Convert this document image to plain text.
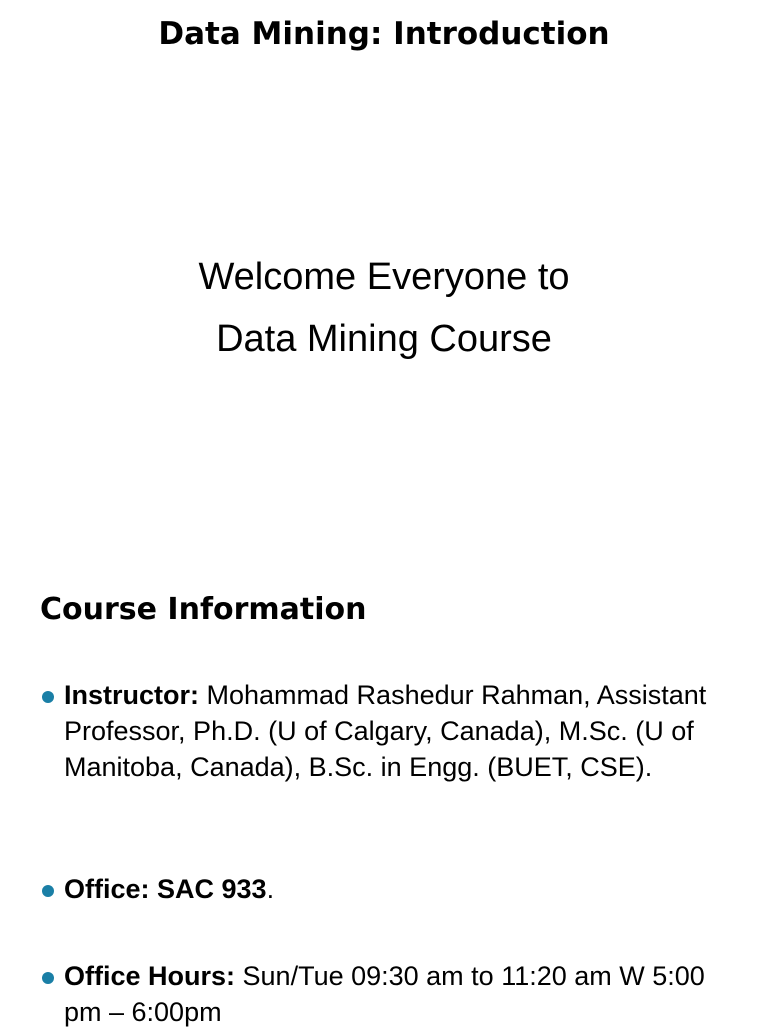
Data Mining: Introduction
Welcome Everyone to
Data Mining Course
Course Information
Instructor: Mohammad Rashedur Rahman, Assistant Professor, Ph.D. (U of Calgary, Canada), M.Sc. (U of Manitoba, Canada), B.Sc. in Engg. (BUET, CSE).
Office: SAC 933.
Office Hours: Sun/Tue 09:30 am to 11:20 am W 5:00 pm – 6:00pm
